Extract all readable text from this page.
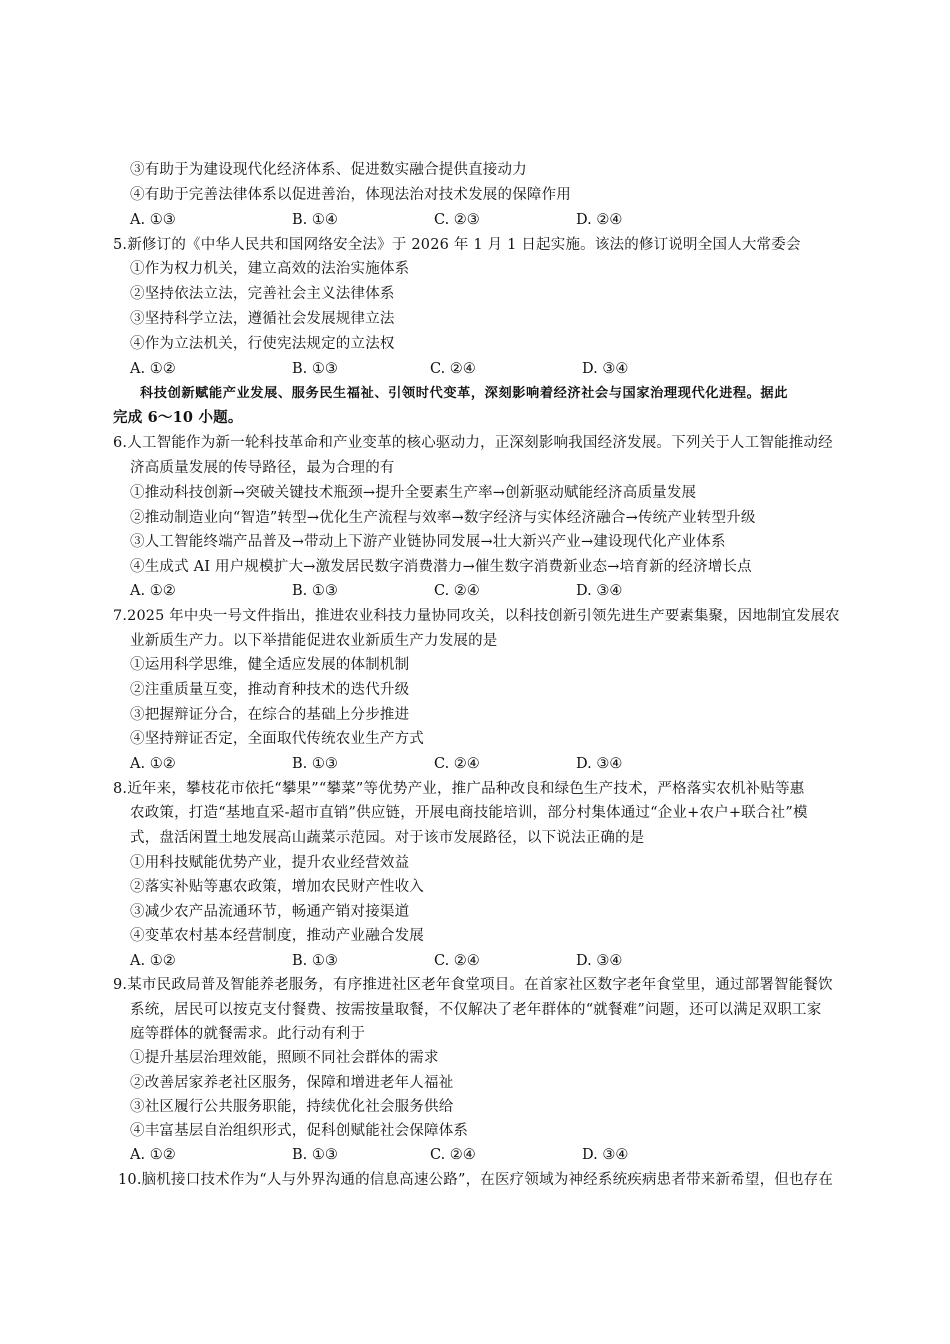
③有助于为建设现代化经济体系、促进数实融合提供直接动力
④有助于完善法律体系以促进善治，体现法治对技术发展的保障作用
A. ①③	B. ①④	C. ②③	D. ②④
5.新修订的《中华人民共和国网络安全法》于 2026 年 1 月 1 日起实施。该法的修订说明全国人大常委会
①作为权力机关，建立高效的法治实施体系
②坚持依法立法，完善社会主义法律体系
③坚持科学立法，遵循社会发展规律立法
④作为立法机关，行使宪法规定的立法权
A. ①②	B. ①③	C. ②④	D. ③④
科技创新赋能产业发展、服务民生福祉、引领时代变革，深刻影响着经济社会与国家治理现代化进程。据此
完成 6～10 小题。
6.人工智能作为新一轮科技革命和产业变革的核心驱动力，正深刻影响我国经济发展。下列关于人工智能推动经
济高质量发展的传导路径，最为合理的有
①推动科技创新→突破关键技术瓶颈→提升全要素生产率→创新驱动赋能经济高质量发展
②推动制造业向“智造”转型→优化生产流程与效率→数字经济与实体经济融合→传统产业转型升级
③人工智能终端产品普及→带动上下游产业链协同发展→壮大新兴产业→建设现代化产业体系
④生成式 AI 用户规模扩大→激发居民数字消费潜力→催生数字消费新业态→培育新的经济增长点
A. ①②	B. ①③	C. ②④	D. ③④
7.2025 年中央一号文件指出，推进农业科技力量协同攻关，以科技创新引领先进生产要素集聚，因地制宜发展农
业新质生产力。以下举措能促进农业新质生产力发展的是
①运用科学思维，健全适应发展的体制机制
②注重质量互变，推动育种技术的迭代升级
③把握辩证分合，在综合的基础上分步推进
④坚持辩证否定，全面取代传统农业生产方式
A. ①②	B. ①③	C. ②④	D. ③④
8.近年来，攀枝花市依托“攀果”“攀菜”等优势产业，推广品种改良和绿色生产技术，严格落实农机补贴等惠
农政策，打造“基地直采-超市直销”供应链，开展电商技能培训，部分村集体通过“企业+农户+联合社”模
式，盘活闲置土地发展高山蔬菜示范园。对于该市发展路径，以下说法正确的是
①用科技赋能优势产业，提升农业经营效益
②落实补贴等惠农政策，增加农民财产性收入
③减少农产品流通环节，畅通产销对接渠道
④变革农村基本经营制度，推动产业融合发展
A. ①②	B. ①③	C. ②④	D. ③④
9.某市民政局普及智能养老服务，有序推进社区老年食堂项目。在首家社区数字老年食堂里，通过部署智能餐饮
系统，居民可以按克支付餐费、按需按量取餐，不仅解决了老年群体的“就餐难”问题，还可以满足双职工家
庭等群体的就餐需求。此行动有利于
①提升基层治理效能，照顾不同社会群体的需求
②改善居家养老社区服务，保障和增进老年人福祉
③社区履行公共服务职能，持续优化社会服务供给
④丰富基层自治组织形式，促科创赋能社会保障体系
A. ①②	B. ①③	C. ②④	D. ③④
10.脑机接口技术作为“人与外界沟通的信息高速公路”，在医疗领域为神经系统疾病患者带来新希望，但也存在
